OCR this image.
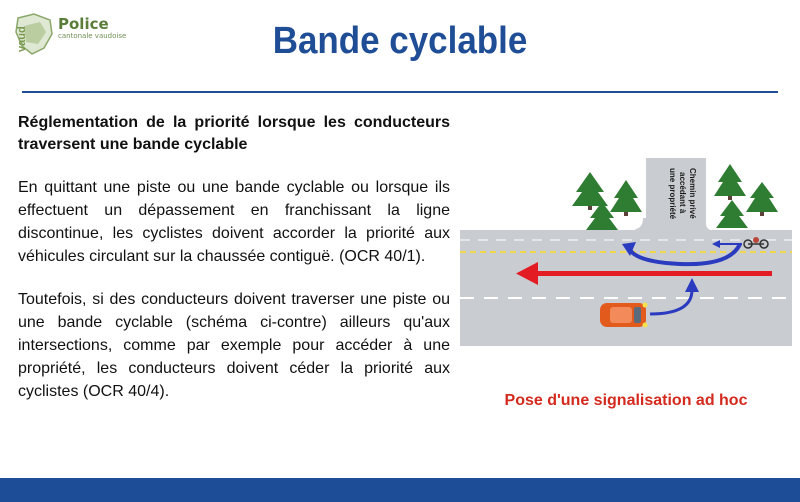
vaud
Police
cantonale vaudoise	Bande cyclable

Réglementation de la priorité lorsque les conducteurs traversent une bande cyclable

En quittant une piste ou une bande cyclable ou lorsque ils effectuent un dépassement en franchissant la ligne discontinue, les cyclistes doivent accorder la priorité aux véhicules circulant sur la chaussée contiguë. (OCR 40/1).

Toutefois, si des conducteurs doivent traverser une piste ou une bande cyclable (schéma ci-contre) ailleurs qu'aux intersections, comme par exemple pour accéder à une propriété, les conducteurs doivent céder la priorité aux cyclistes (OCR 40/4).

Chemin privé
accédant à
une propriété
Pose d'une signalisation ad hoc
